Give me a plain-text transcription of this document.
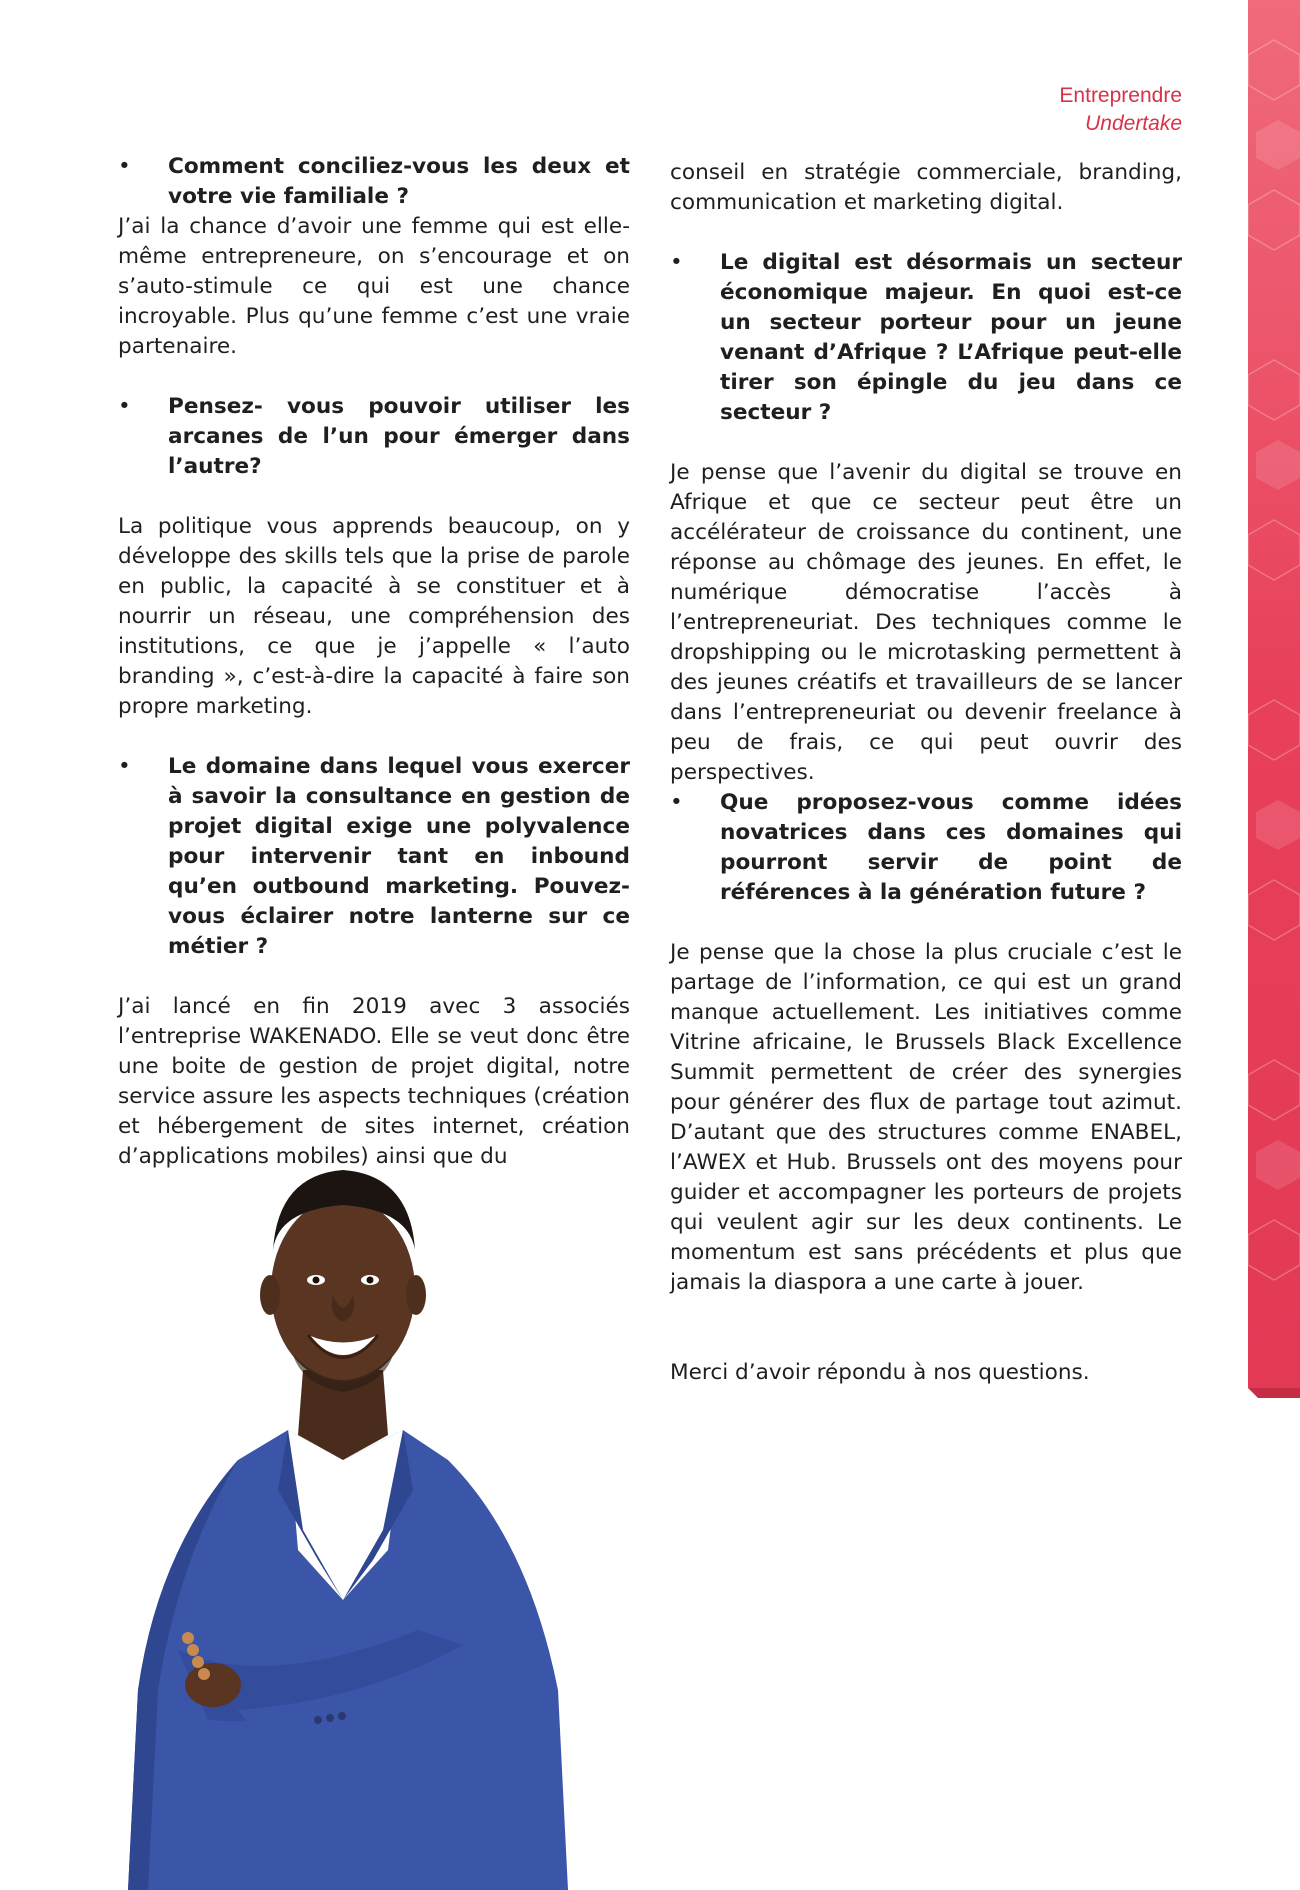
Entreprendre
Undertake
• Comment conciliez-vous les deux et votre vie familiale ?

J’ai la chance d’avoir une femme qui est elle-même entrepreneure, on s’encourage et on s’auto-stimule ce qui est une chance incroyable. Plus qu’une femme c’est une vraie partenaire.

• Pensez- vous pouvoir utiliser les arcanes de l’un pour émerger dans l’autre?

La politique vous apprends beaucoup, on y développe des skills tels que la prise de parole en public, la capacité à se constituer et à nourrir un réseau, une compréhension des institutions, ce que je j’appelle « l’auto branding », c’est-à-dire la capacité à faire son propre marketing.

• Le domaine dans lequel vous exercer à savoir la consultance en gestion de projet digital exige une polyvalence pour intervenir tant en inbound qu’en outbound marketing. Pouvez-vous éclairer notre lanterne sur ce métier ?

J’ai lancé en fin 2019 avec 3 associés l’entreprise WAKENADO. Elle se veut donc être une boite de gestion de projet digital, notre service assure les aspects techniques (création et hébergement de sites internet, création d’applications mobiles) ainsi que du

conseil en stratégie commerciale, branding, communication et marketing digital.

• Le digital est désormais un secteur économique majeur. En quoi est-ce un secteur porteur pour un jeune venant d’Afrique ? L’Afrique peut-elle tirer son épingle du jeu dans ce secteur ?

Je pense que l’avenir du digital se trouve en Afrique et que ce secteur peut être un accélérateur de croissance du continent, une réponse au chômage des jeunes. En effet, le numérique démocratise l’accès à l’entrepreneuriat. Des techniques comme le dropshipping ou le microtasking permettent à des jeunes créatifs et travailleurs de se lancer dans l’entrepreneuriat ou devenir freelance à peu de frais, ce qui peut ouvrir des perspectives.

• Que proposez-vous comme idées novatrices dans ces domaines qui pourront servir de point de références à la génération future ?

Je pense que la chose la plus cruciale c’est le partage de l’information, ce qui est un grand manque actuellement. Les initiatives comme Vitrine africaine, le Brussels Black Excellence Summit permettent de créer des synergies pour générer des flux de partage tout azimut. D’autant que des structures comme ENABEL, l’AWEX et Hub. Brussels ont des moyens pour guider et accompagner les porteurs de projets qui veulent agir sur les deux continents. Le momentum est sans précédents et plus que jamais la diaspora a une carte à jouer.

Merci d’avoir répondu à nos questions.
